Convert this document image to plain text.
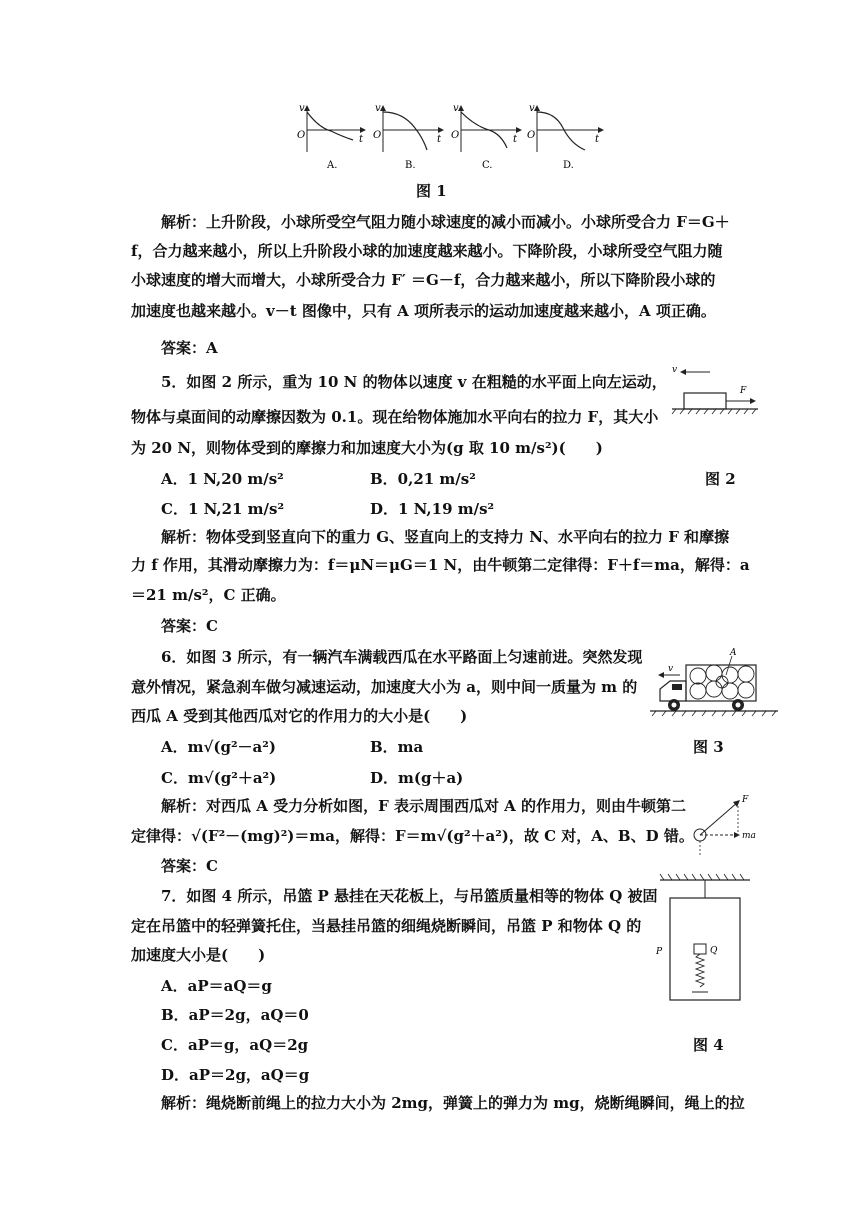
v
O	t
A.
v
O	t
B.
v
O	t
C.
v
O	t
D.
图 1
解析：上升阶段，小球所受空气阻力随小球速度的减小而减小。小球所受合力 F＝G＋
f，合力越来越小，所以上升阶段小球的加速度越来越小。下降阶段，小球所受空气阻力随
小球速度的增大而增大，小球所受合力 F′ ＝G－f，合力越来越小，所以下降阶段小球的
加速度也越来越小。v－t 图像中，只有 A 项所表示的运动加速度越来越小，A 项正确。
答案：A
5．如图 2 所示，重为 10 N 的物体以速度 v 在粗糙的水平面上向左运动，
物体与桌面间的动摩擦因数为 0.1。现在给物体施加水平向右的拉力 F，其大小
为 20 N，则物体受到的摩擦力和加速度大小为(g 取 10 m/s²)(　　)
A．1 N,20 m/s²	B．0,21 m/s²
C．1 N,21 m/s²	D．1 N,19 m/s²
v
F
图 2
解析：物体受到竖直向下的重力 G、竖直向上的支持力 N、水平向右的拉力 F 和摩擦
力 f 作用，其滑动摩擦力为：f＝μN＝μG＝1 N，由牛顿第二定律得：F＋f＝ma，解得：a
＝21 m/s²，C 正确。
答案：C
6．如图 3 所示，有一辆汽车满载西瓜在水平路面上匀速前进。突然发现
意外情况，紧急刹车做匀减速运动，加速度大小为 a，则中间一质量为 m 的
西瓜 A 受到其他西瓜对它的作用力的大小是(　　)
A．m√(g²－a²)	B．ma
C．m√(g²＋a²)	D．m(g＋a)
v
A
图 3
F
ma
解析：对西瓜 A 受力分析如图，F 表示周围西瓜对 A 的作用力，则由牛顿第二
定律得：√(F²－(mg)²)＝ma，解得：F＝m√(g²＋a²)，故 C 对，A、B、D 错。
答案：C
7．如图 4 所示，吊篮 P 悬挂在天花板上，与吊篮质量相等的物体 Q 被固
定在吊篮中的轻弹簧托住，当悬挂吊篮的细绳烧断瞬间，吊篮 P 和物体 Q 的
加速度大小是(　　)
A．aP＝aQ＝g
B．aP＝2g，aQ＝0
C．aP＝g，aQ＝2g
D．aP＝2g，aQ＝g
P	Q
图 4
解析：绳烧断前绳上的拉力大小为 2mg，弹簧上的弹力为 mg，烧断绳瞬间，绳上的拉
